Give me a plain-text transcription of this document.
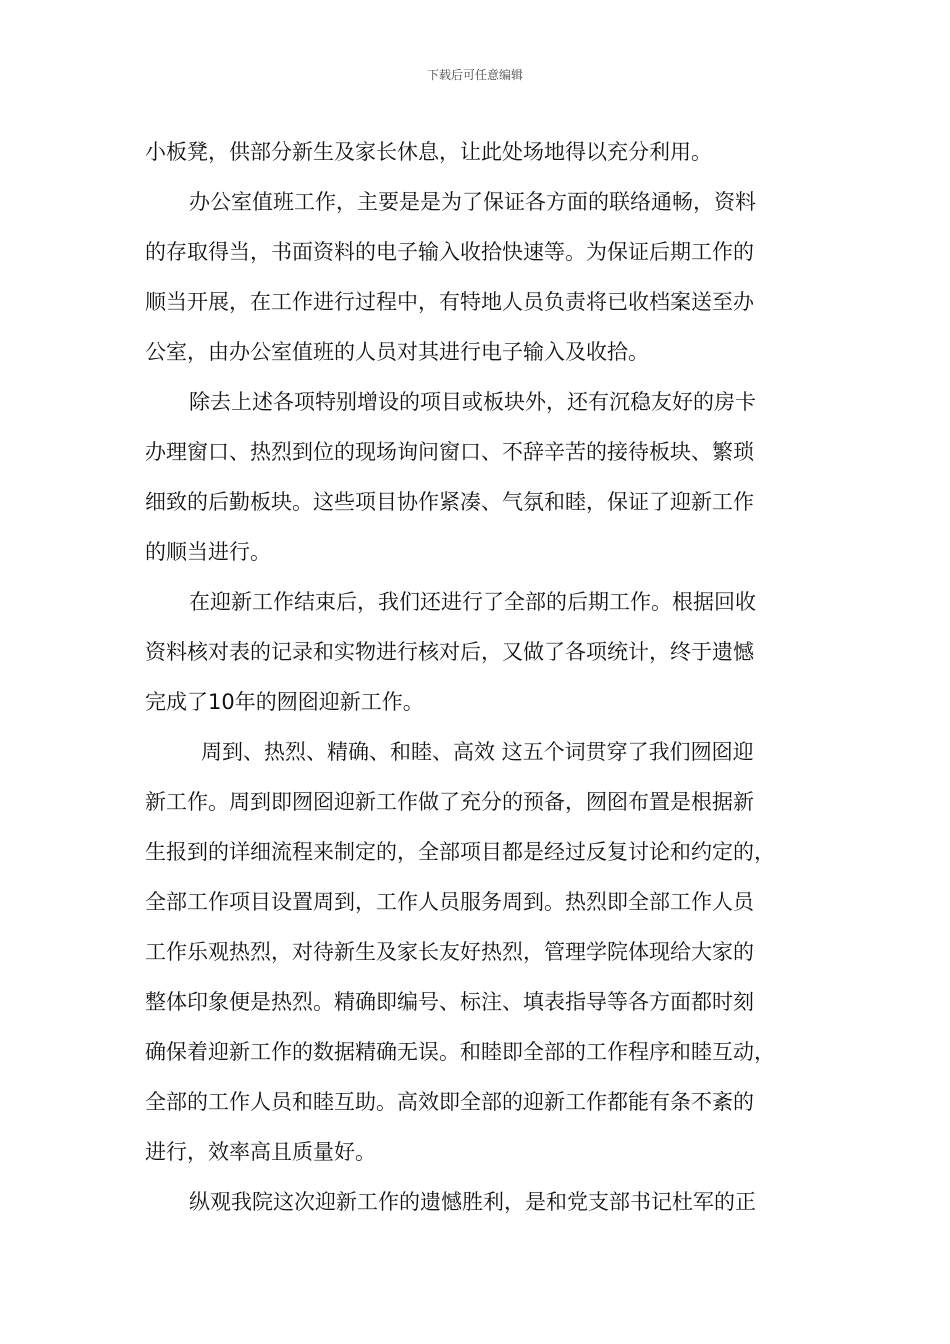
下载后可任意编辑
小板凳，供部分新生及家长休息，让此处场地得以充分利用。
办公室值班工作，主要是是为了保证各方面的联络通畅，资料
的存取得当，书面资料的电子输入收拾快速等。为保证后期工作的
顺当开展，在工作进行过程中，有特地人员负责将已收档案送至办
公室，由办公室值班的人员对其进行电子输入及收拾。
除去上述各项特别增设的项目或板块外，还有沉稳友好的房卡
办理窗口、热烈到位的现场询问窗口、不辞辛苦的接待板块、繁琐
细致的后勤板块。这些项目协作紧凑、气氛和睦，保证了迎新工作
的顺当进行。
在迎新工作结束后，我们还进行了全部的后期工作。根据回收
资料核对表的记录和实物进行核对后，又做了各项统计，终于遗憾
完成了10年的囫囵迎新工作。
周到、热烈、精确、和睦、高效 这五个词贯穿了我们囫囵迎
新工作。周到即囫囵迎新工作做了充分的预备，囫囵布置是根据新
生报到的详细流程来制定的，全部项目都是经过反复讨论和约定的，
全部工作项目设置周到，工作人员服务周到。热烈即全部工作人员
工作乐观热烈，对待新生及家长友好热烈，管理学院体现给大家的
整体印象便是热烈。精确即编号、标注、填表指导等各方面都时刻
确保着迎新工作的数据精确无误。和睦即全部的工作程序和睦互动，
全部的工作人员和睦互助。高效即全部的迎新工作都能有条不紊的
进行，效率高且质量好。
纵观我院这次迎新工作的遗憾胜利，是和党支部书记杜军的正
